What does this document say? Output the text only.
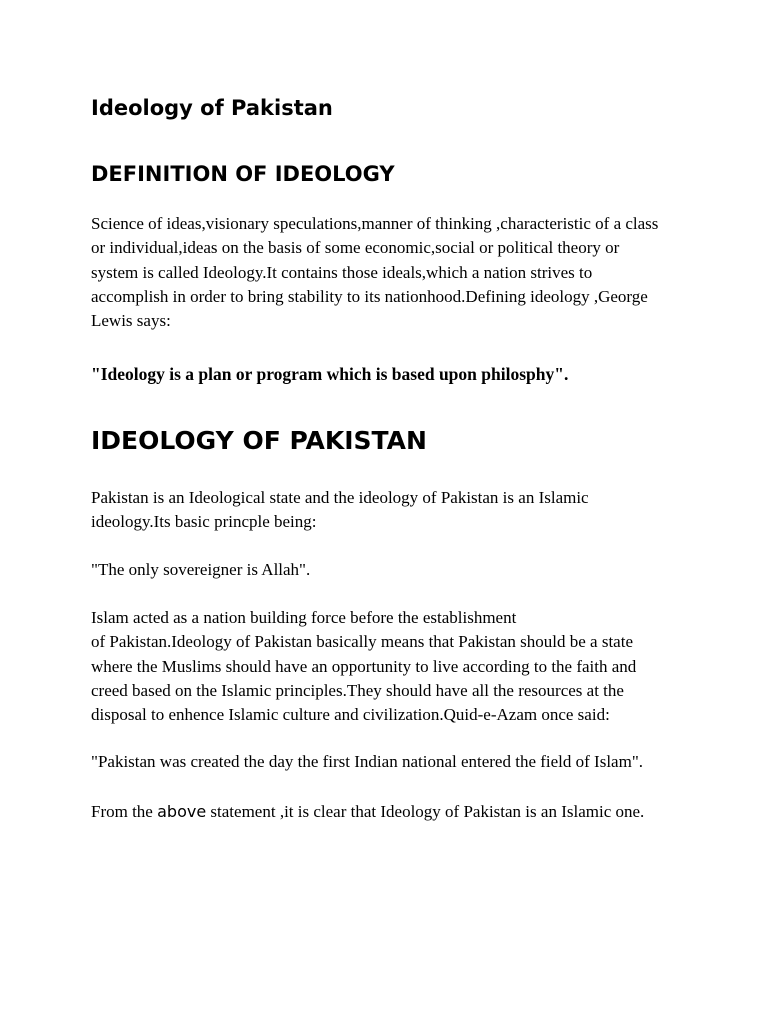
Ideology of Pakistan
DEFINITION OF IDEOLOGY

Science of ideas,visionary speculations,manner of thinking ,characteristic of a class
or individual,ideas on the basis of some economic,social or political theory or
system is called Ideology.It contains those ideals,which a nation strives to
accomplish in order to bring stability to its nationhood.Defining ideology ,George
Lewis says:

"Ideology is a plan or program which is based upon philosphy".

IDEOLOGY OF PAKISTAN

Pakistan is an Ideological state and the ideology of Pakistan is an Islamic
ideology.Its basic princple being:

"The only sovereigner is Allah".

Islam acted as a nation building force before the establishment
of Pakistan.Ideology of Pakistan basically means that Pakistan should be a state
where the Muslims should have an opportunity to live according to the faith and
creed based on the Islamic principles.They should have all the resources at the
disposal to enhence Islamic culture and civilization.Quid-e-Azam once said:

"Pakistan was created the day the first Indian national entered the field of Islam".

From the above statement ,it is clear that Ideology of Pakistan is an Islamic one.
